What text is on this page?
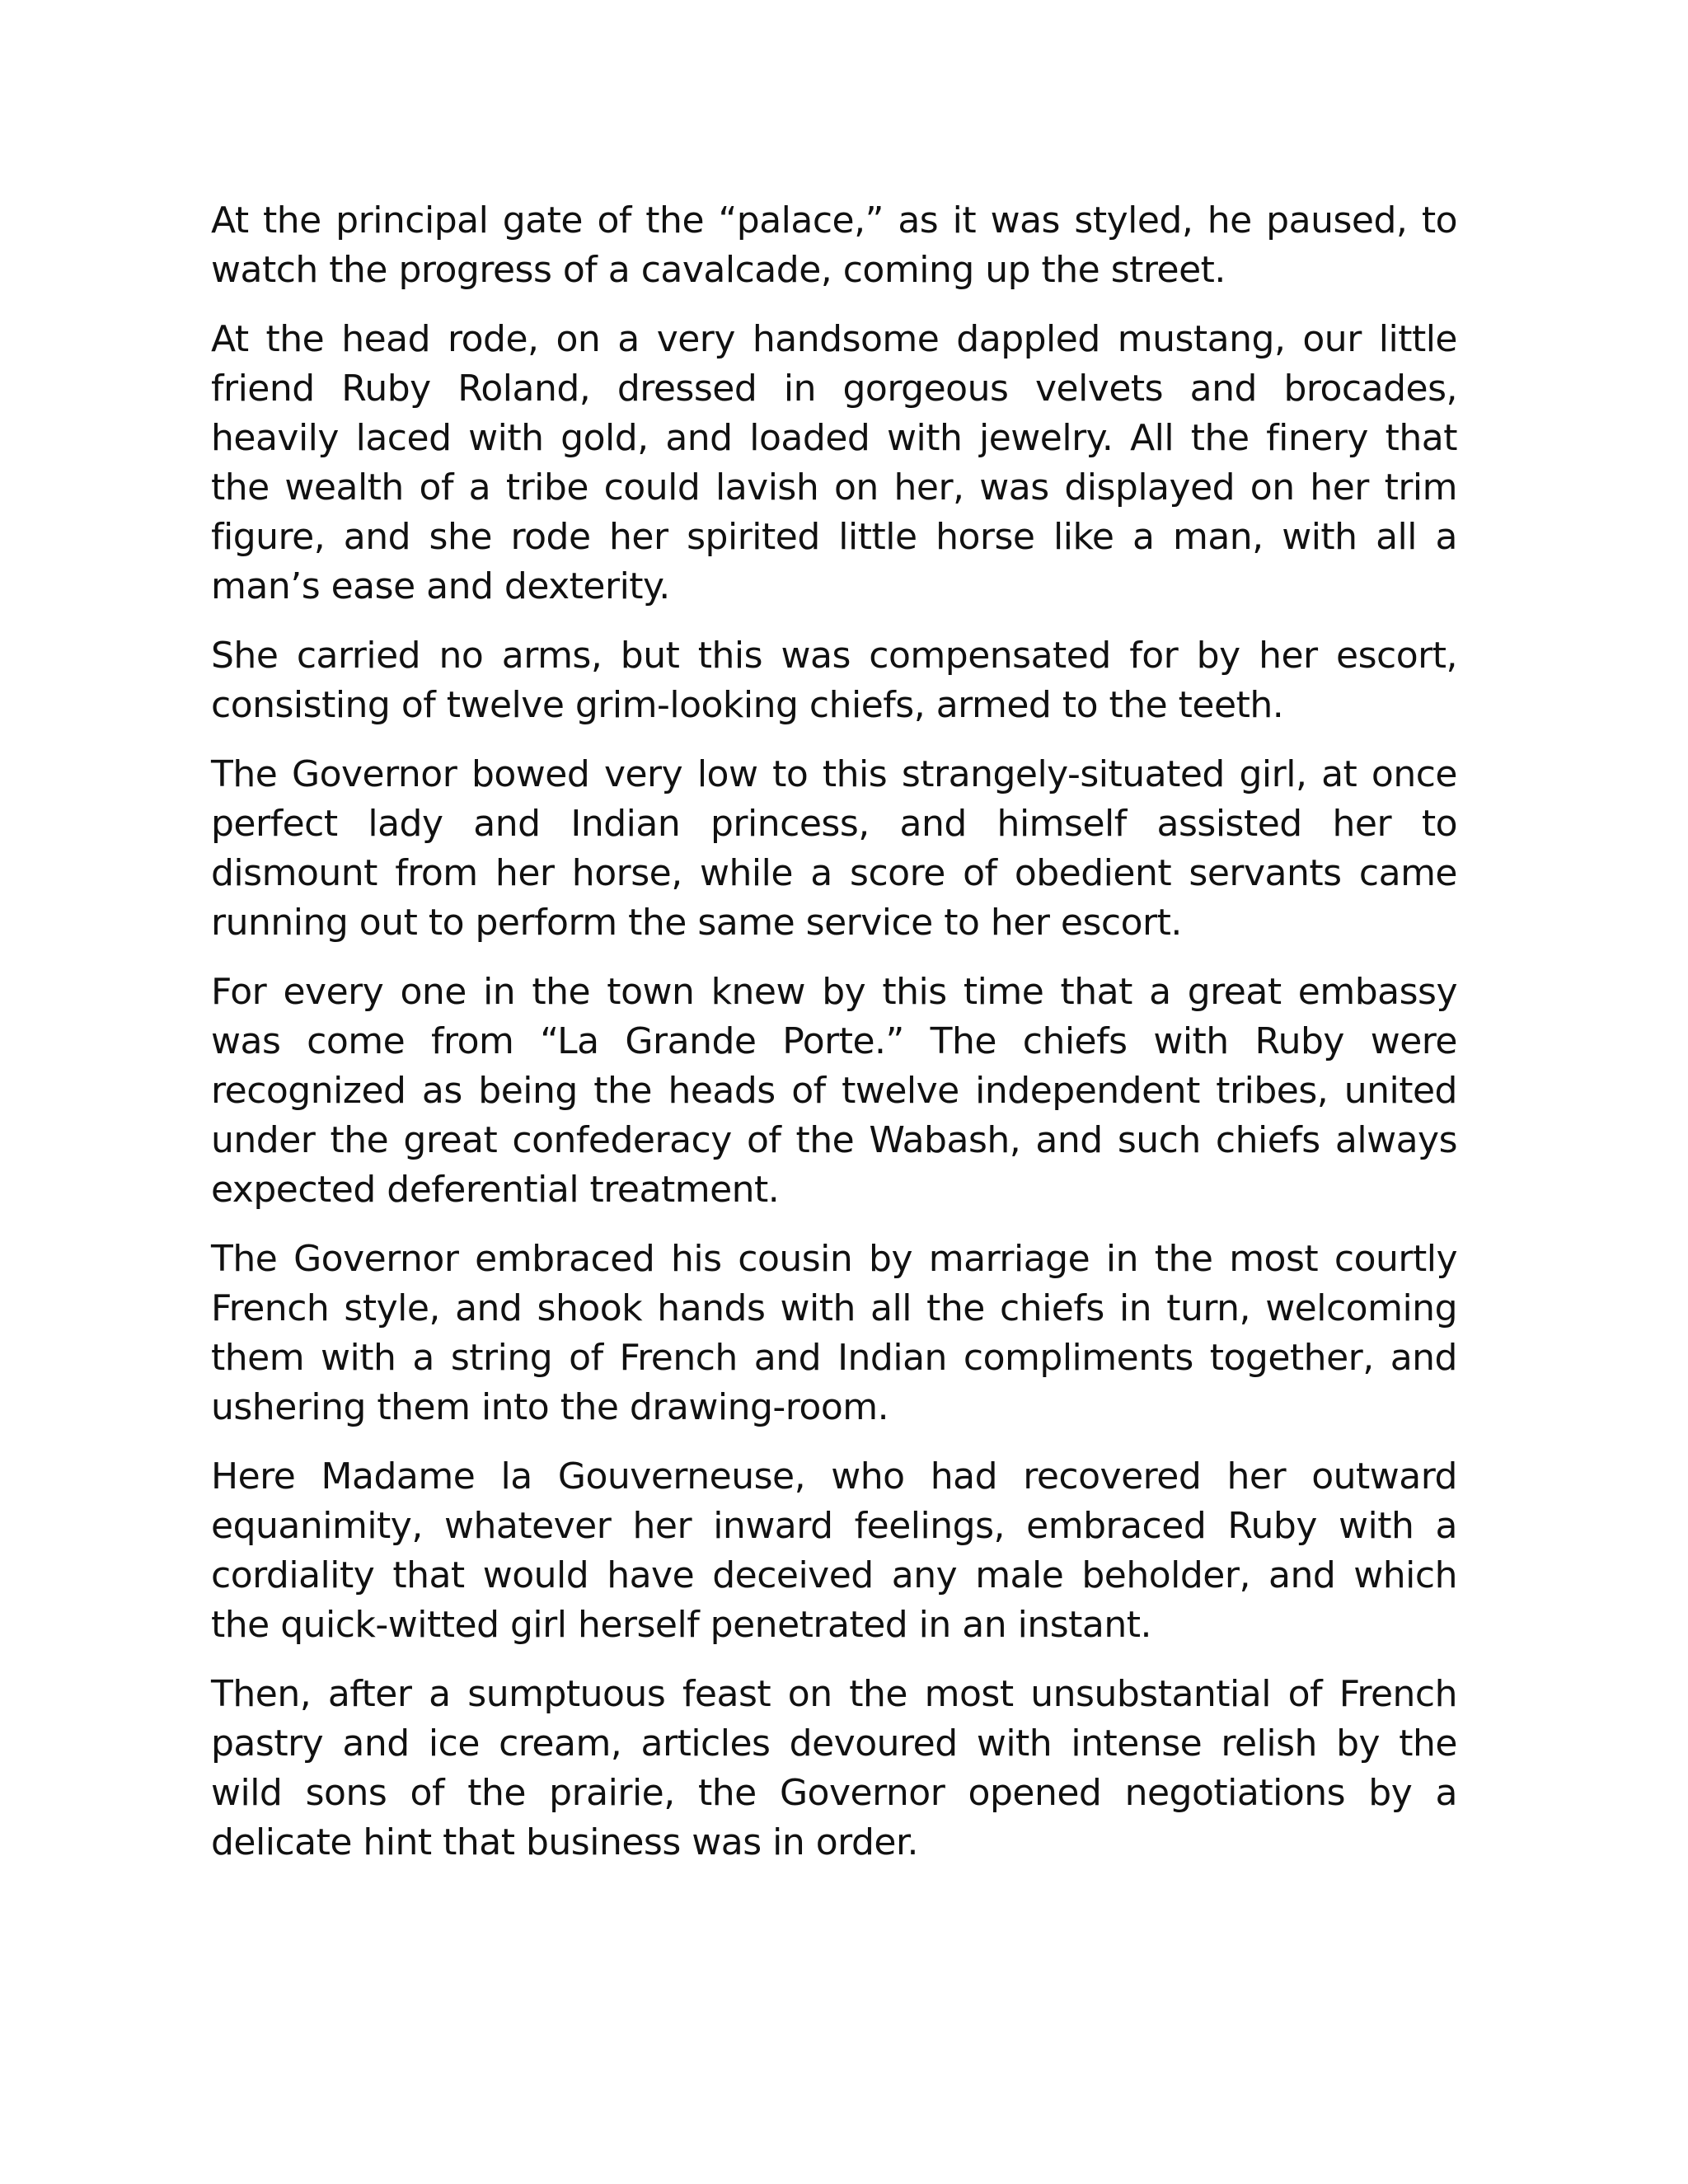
At the principal gate of the “palace,” as it was styled, he paused, to watch the progress of a cavalcade, coming up the street.

At the head rode, on a very handsome dappled mustang, our little friend Ruby Roland, dressed in gorgeous velvets and brocades, heavily laced with gold, and loaded with jewelry. All the finery that the wealth of a tribe could lavish on her, was displayed on her trim figure, and she rode her spirited little horse like a man, with all a man’s ease and dexterity.

She carried no arms, but this was compensated for by her escort, consisting of twelve grim-looking chiefs, armed to the teeth.

The Governor bowed very low to this strangely-situated girl, at once perfect lady and Indian princess, and himself assisted her to dismount from her horse, while a score of obedient servants came running out to perform the same service to her escort.

For every one in the town knew by this time that a great embassy was come from “La Grande Porte.” The chiefs with Ruby were recognized as being the heads of twelve independent tribes, united under the great confederacy of the Wabash, and such chiefs always expected deferential treatment.

The Governor embraced his cousin by marriage in the most courtly French style, and shook hands with all the chiefs in turn, welcoming them with a string of French and Indian compliments together, and ushering them into the drawing-room.

Here Madame la Gouverneuse, who had recovered her outward equanimity, whatever her inward feelings, embraced Ruby with a cordiality that would have deceived any male beholder, and which the quick-witted girl herself penetrated in an instant.

Then, after a sumptuous feast on the most unsubstantial of French pastry and ice cream, articles devoured with intense relish by the wild sons of the prairie, the Governor opened negotiations by a delicate hint that business was in order.
